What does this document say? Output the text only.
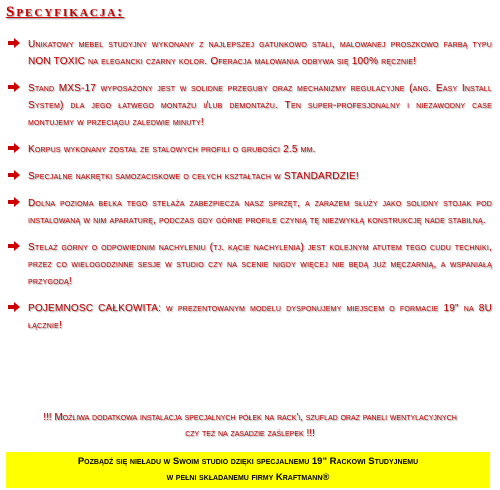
Specyfikacja:
Unikatowy mebel studyjny wykonany z najlepszej gatunkowo stali, malowanej proszkowo farbą typu NON TOXIC na elegancki czarny kolor. Oferacja malowania odbywa się 100% ręcznie!
Stand MXS-17 wyposażony jest w solidne przeguby oraz mechanizmy regulacyjne (ang. Easy Install System) dla jego łatwego montażu i/lub demontażu. Ten super-profesjonalny i niezawodny case montujemy w przeciągu zaledwie minuty!
Korpus wykonany został ze stalowych profili o grubości 2.5 mm.
Specjalne nakrętki samozaciskowe o cełych kształtach w STANDARDZIE!
Dolna pozioma belka tego stelaża zabezpiecza nasz sprzęt, a zarazem służy jako solidny stojak pod instalowaną w nim aparaturę, podczas gdy górne profile czynią tę niezwykłą konstrukcję nade stabilną.
Stelaż górny o odpowiednim nachyleniu (tj. kącie nachylenia) jest kolejnym atutem tego cudu techniki, przez co wielogodzinne sesje w studio czy na scenie nigdy więcej nie będą już męczarnią, a wspaniałą przygodą!
POJEMNOSC CAŁKOWITA: w prezentowanym modelu dysponujemy miejscem o formacie 19" na 8U łącznie!
!!! Możliwa dodatkowa instalacja specjalnych półek na rack'i, szuflad oraz paneli wentylacyjnych czy też na zasadzie zaślepek !!!
Pozbądź się nieładu w Swoim studio dzięki specjalnemu 19" Rackowi Studyjnemu
w pełni składanemu firmy Kraftmann®
